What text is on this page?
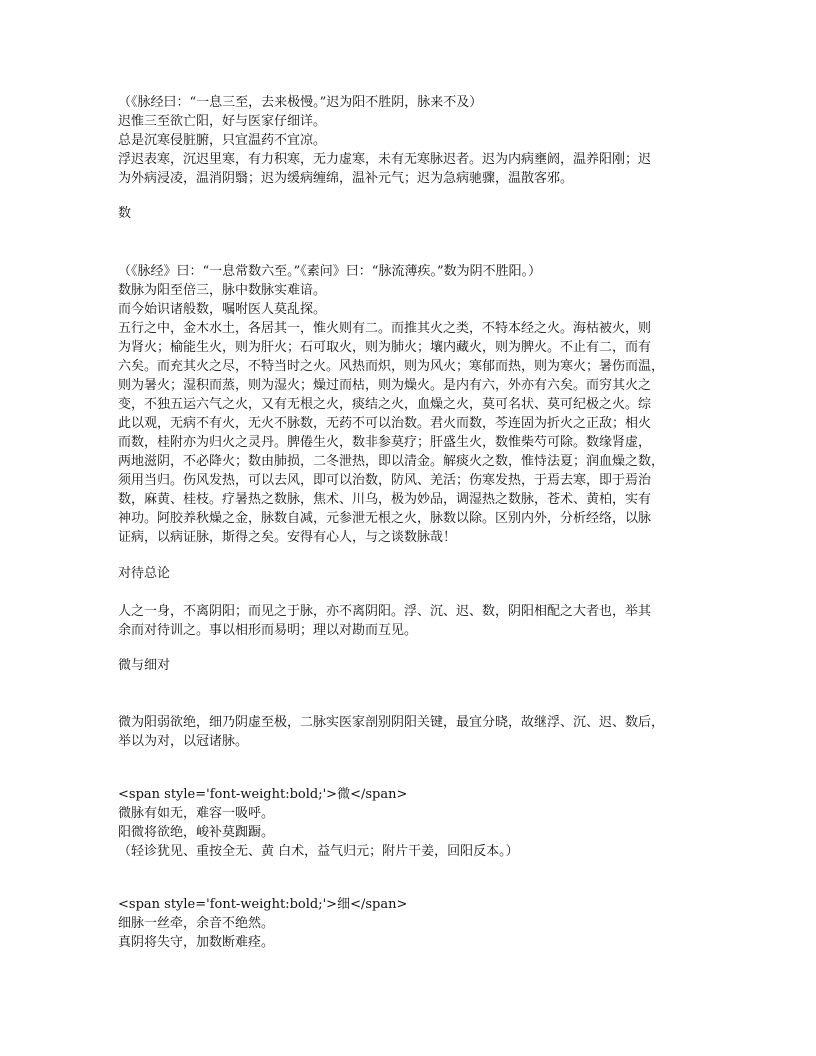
（《脉经曰：“一息三至，去来极慢。”迟为阳不胜阴，脉来不及）
迟惟三至欲亡阳，好与医家仔细详。
总是沉寒侵脏腑，只宜温药不宜凉。
浮迟表寒，沉迟里寒，有力积寒，无力虚寒，未有无寒脉迟者。迟为内病壅阏，温养阳刚；迟
为外病浸凌，温消阴翳；迟为缓病缠绵，温补元气；迟为急病驰骤，温散客邪。
数
（《脉经》曰：“一息常数六至。”《素问》曰：“脉流薄疾。”数为阴不胜阳。）
数脉为阳至倍三，脉中数脉实难谙。
而今始识诸般数，嘱咐医人莫乱探。
五行之中，金木水土，各居其一，惟火则有二。而推其火之类，不特本经之火。海枯被火，则
为肾火；榆能生火，则为肝火；石可取火，则为肺火；壤内藏火，则为脾火。不止有二，而有
六矣。而充其火之尽，不特当时之火。风热而炽，则为风火；寒郁而热，则为寒火；暑伤而温，
则为暑火；湿积而蒸，则为湿火；燥过而枯，则为燥火。是内有六，外亦有六矣。而穷其火之
变，不独五运六气之火，又有无根之火，痰结之火，血燥之火，莫可名状、莫可纪极之火。综
此以观，无病不有火，无火不脉数，无药不可以治数。君火而数，芩连固为折火之正敌；相火
而数，桂附亦为归火之灵丹。脾倦生火，数非参莫疗；肝盛生火，数惟柴芍可除。数缘肾虚，
两地滋阴，不必降火；数由肺损，二冬泄热，即以清金。解痰火之数，惟恃法夏；润血燥之数，
须用当归。伤风发热，可以去风，即可以治数，防风、羌活；伤寒发热，于焉去寒，即于焉治
数，麻黄、桂枝。疗暑热之数脉，焦术、川乌，极为妙品，调湿热之数脉，苍术、黄柏，实有
神功。阿胶养秋燥之金，脉数自减，元参泄无根之火，脉数以除。区别内外，分析经络，以脉
证病，以病证脉，斯得之矣。安得有心人，与之谈数脉哉！
对待总论
人之一身，不离阴阳；而见之于脉，亦不离阴阳。浮、沉、迟、数，阴阳相配之大者也，举其
余而对待训之。事以相形而易明；理以对勘而互见。
微与细对
微为阳弱欲绝，细乃阴虚至极，二脉实医家剖别阴阳关键，最宜分晓，故继浮、沉、迟、数后，
举以为对，以冠诸脉。
<span style='font-weight:bold;'>微</span>
微脉有如无，难容一吸呼。
阳微将欲绝，峻补莫踟蹰。
（轻诊犹见、重按全无、黄 白术，益气归元；附片干姜，回阳反本。）
<span style='font-weight:bold;'>细</span>
细脉一丝牵，余音不绝然。
真阴将失守，加数断难痊。
